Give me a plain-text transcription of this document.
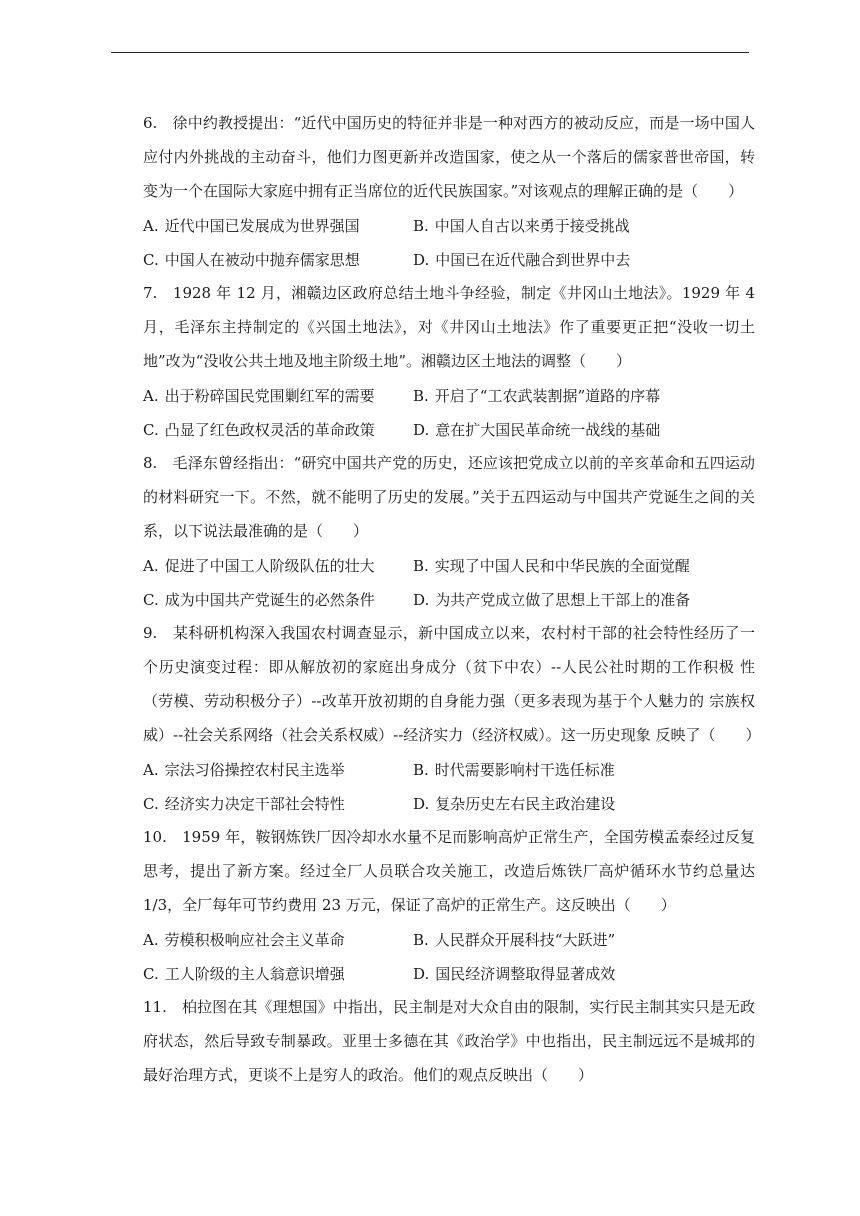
6.　徐中约教授提出：“近代中国历史的特征并非是一种对西方的被动反应，而是一场中国人应付内外挑战的主动奋斗，他们力图更新并改造国家，使之从一个落后的儒家普世帝国，转变为一个在国际大家庭中拥有正当席位的近代民族国家。”对该观点的理解正确的是（　　）

A. 近代中国已发展成为世界强国	B. 中国人自古以来勇于接受挑战
C. 中国人在被动中抛弃儒家思想	D. 中国已在近代融合到世界中去

7.　1928 年 12 月，湘赣边区政府总结土地斗争经验，制定《井冈山土地法》。1929 年 4 月，毛泽东主持制定的《兴国土地法》，对《井冈山土地法》作了重要更正把“没收一切土地”改为“没收公共土地及地主阶级土地”。湘赣边区土地法的调整（　　）

A. 出于粉碎国民党围剿红军的需要	B. 开启了“工农武装割据”道路的序幕
C. 凸显了红色政权灵活的革命政策	D. 意在扩大国民革命统一战线的基础

8.　毛泽东曾经指出：“研究中国共产党的历史，还应该把党成立以前的辛亥革命和五四运动的材料研究一下。不然，就不能明了历史的发展。”关于五四运动与中国共产党诞生之间的关系，以下说法最准确的是（　　）

A. 促进了中国工人阶级队伍的壮大	B. 实现了中国人民和中华民族的全面觉醒
C. 成为中国共产党诞生的必然条件	D. 为共产党成立做了思想上干部上的准备

9.　某科研机构深入我国农村调查显示，新中国成立以来，农村村干部的社会特性经历了一个历史演变过程：即从解放初的家庭出身成分（贫下中农）--人民公社时期的工作积极 性（劳模、劳动积极分子）--改革开放初期的自身能力强（更多表现为基于个人魅力的 宗族权威）--社会关系网络（社会关系权威）--经济实力（经济权威）。这一历史现象 反映了（　　）

A. 宗法习俗操控农村民主选举	B. 时代需要影响村干选任标准
C. 经济实力决定干部社会特性	D. 复杂历史左右民主政治建设

10.　1959 年，鞍钢炼铁厂因冷却水水量不足而影响高炉正常生产，全国劳模孟泰经过反复思考，提出了新方案。经过全厂人员联合攻关施工，改造后炼铁厂高炉循环水节约总量达 1/3，全厂每年可节约费用 23 万元，保证了高炉的正常生产。这反映出（　　）

A. 劳模积极响应社会主义革命	B. 人民群众开展科技“大跃进”
C. 工人阶级的主人翁意识增强	D. 国民经济调整取得显著成效

11.　柏拉图在其《理想国》中指出，民主制是对大众自由的限制，实行民主制其实只是无政府状态，然后导致专制暴政。亚里士多德在其《政治学》中也指出，民主制远远不是城邦的最好治理方式，更谈不上是穷人的政治。他们的观点反映出（　　）
